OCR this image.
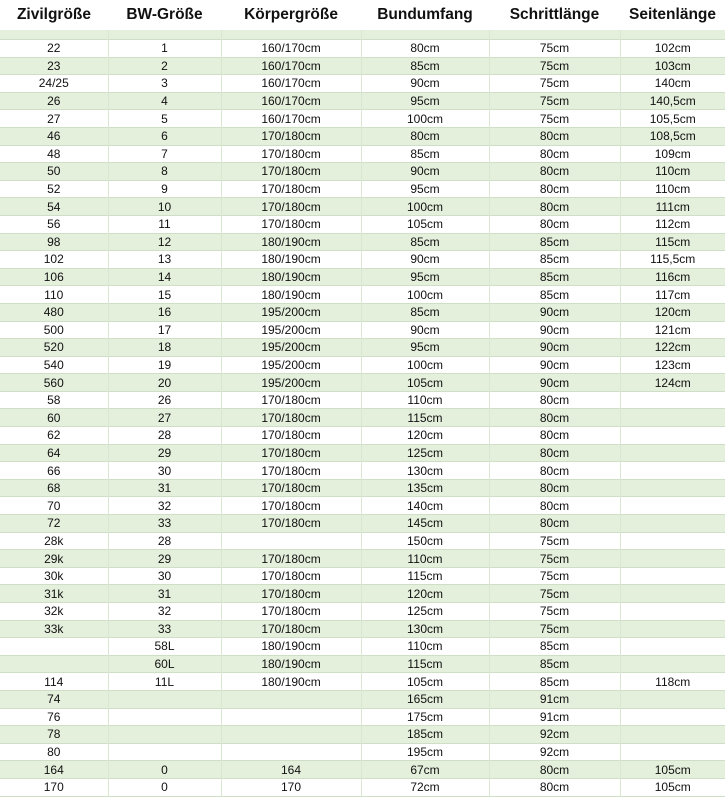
Zivilgröße	BW-Größe	Körpergröße	Bundumfang	Schrittlänge	Seitenlänge

22	1	160/170cm	80cm	75cm	102cm
23	2	160/170cm	85cm	75cm	103cm
24/25	3	160/170cm	90cm	75cm	140cm
26	4	160/170cm	95cm	75cm	140,5cm
27	5	160/170cm	100cm	75cm	105,5cm
46	6	170/180cm	80cm	80cm	108,5cm
48	7	170/180cm	85cm	80cm	109cm
50	8	170/180cm	90cm	80cm	110cm
52	9	170/180cm	95cm	80cm	110cm
54	10	170/180cm	100cm	80cm	111cm
56	11	170/180cm	105cm	80cm	112cm
98	12	180/190cm	85cm	85cm	115cm
102	13	180/190cm	90cm	85cm	115,5cm
106	14	180/190cm	95cm	85cm	116cm
110	15	180/190cm	100cm	85cm	117cm
480	16	195/200cm	85cm	90cm	120cm
500	17	195/200cm	90cm	90cm	121cm
520	18	195/200cm	95cm	90cm	122cm
540	19	195/200cm	100cm	90cm	123cm
560	20	195/200cm	105cm	90cm	124cm
58	26	170/180cm	110cm	80cm	
60	27	170/180cm	115cm	80cm	
62	28	170/180cm	120cm	80cm	
64	29	170/180cm	125cm	80cm	
66	30	170/180cm	130cm	80cm	
68	31	170/180cm	135cm	80cm	
70	32	170/180cm	140cm	80cm	
72	33	170/180cm	145cm	80cm	
28k	28		150cm	75cm	
29k	29	170/180cm	110cm	75cm	
30k	30	170/180cm	115cm	75cm	
31k	31	170/180cm	120cm	75cm	
32k	32	170/180cm	125cm	75cm	
33k	33	170/180cm	130cm	75cm	
	58L	180/190cm	110cm	85cm	
	60L	180/190cm	115cm	85cm	
114	11L	180/190cm	105cm	85cm	118cm
74			165cm	91cm	
76			175cm	91cm	
78			185cm	92cm	
80			195cm	92cm	
164	0	164	67cm	80cm	105cm
170	0	170	72cm	80cm	105cm
